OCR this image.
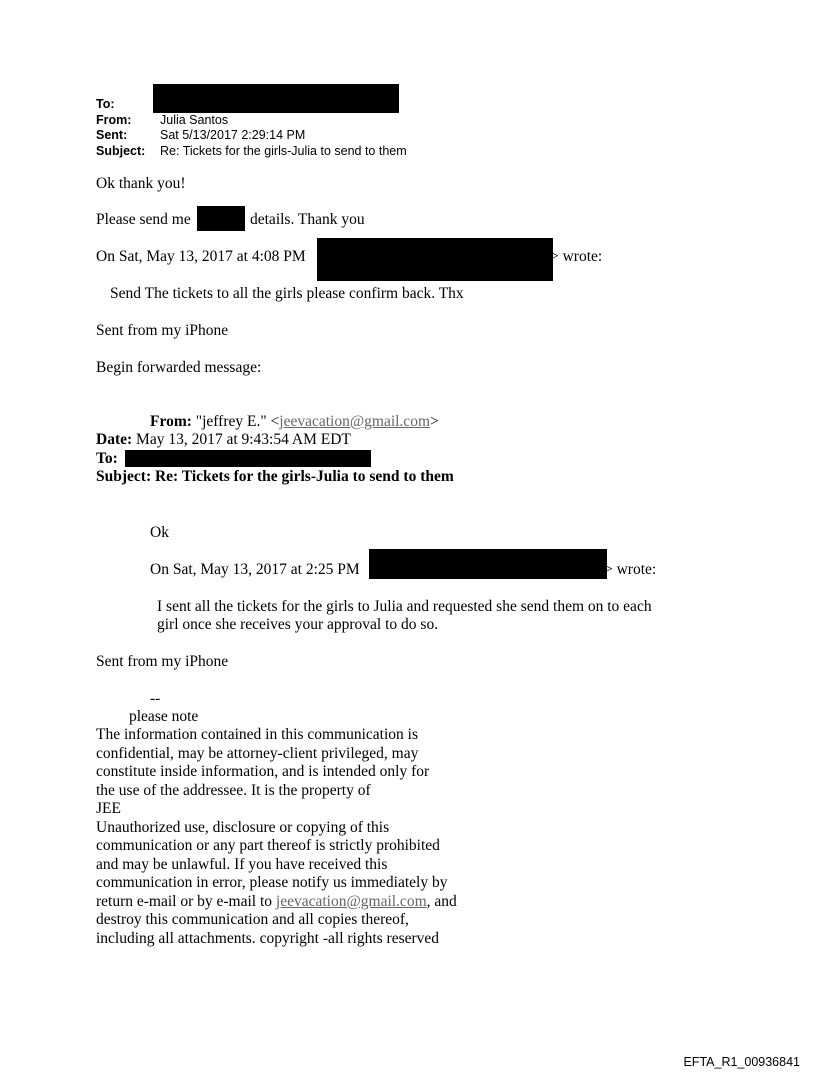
To:
From: Julia Santos
Sent:	Sat 5/13/2017 2:29:14 PM
Subject: Re: Tickets for the girls-Julia to send to them
Ok thank you!
Please send me	details. Thank you
On Sat, May 13, 2017 at 4:08 PM	> wrote:
Send The tickets to all the girls please confirm back. Thx
Sent from my iPhone
Begin forwarded message:
From: "jeffrey E." <jeevacation@gmail.com>
Date: May 13, 2017 at 9:43:54 AM EDT
To:
Subject: Re: Tickets for the girls-Julia to send to them
Ok
On Sat, May 13, 2017 at 2:25 PM	> wrote:
I sent all the tickets for the girls to Julia and requested she send them on to each
girl once she receives your approval to do so.
Sent from my iPhone
--
please note
The information contained in this communication is
confidential, may be attorney-client privileged, may
constitute inside information, and is intended only for
the use of the addressee. It is the property of
JEE
Unauthorized use, disclosure or copying of this
communication or any part thereof is strictly prohibited
and may be unlawful. If you have received this
communication in error, please notify us immediately by
return e-mail or by e-mail to jeevacation@gmail.com, and
destroy this communication and all copies thereof,
including all attachments. copyright -all rights reserved
EFTA_R1_00936841
